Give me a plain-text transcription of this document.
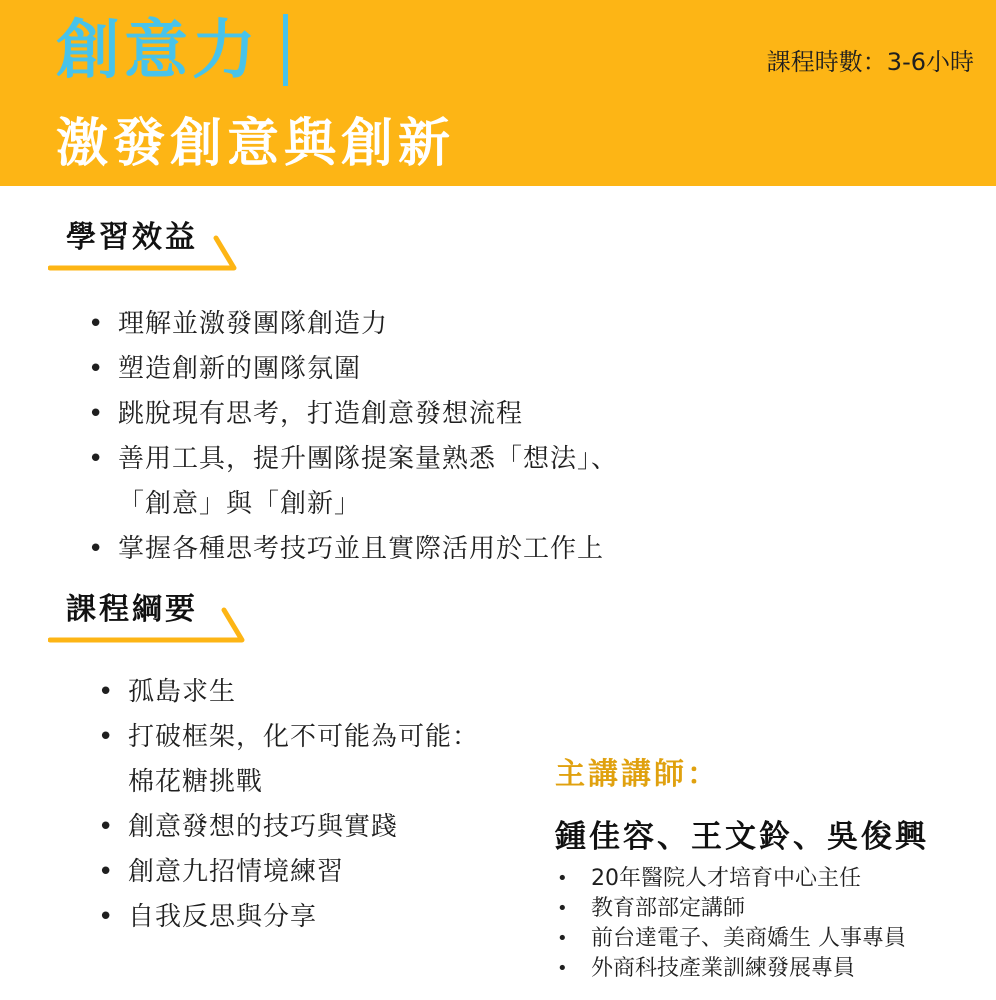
創意力	課程時數：3-6小時
激發創意與創新
學習效益
• 理解並激發團隊創造力
• 塑造創新的團隊氛圍
• 跳脫現有思考，打造創意發想流程
• 善用工具，提升團隊提案量熟悉「想法」、
「創意」與「創新」
• 掌握各種思考技巧並且實際活用於工作上
課程綱要
• 孤島求生
• 打破框架，化不可能為可能：
棉花糖挑戰
• 創意發想的技巧與實踐
• 創意九招情境練習
• 自我反思與分享
主講講師：
鍾佳容、王文鈴、吳俊興
• 20年醫院人才培育中心主任
• 教育部部定講師
• 前台達電子、美商嬌生 人事專員
• 外商科技產業訓練發展專員
